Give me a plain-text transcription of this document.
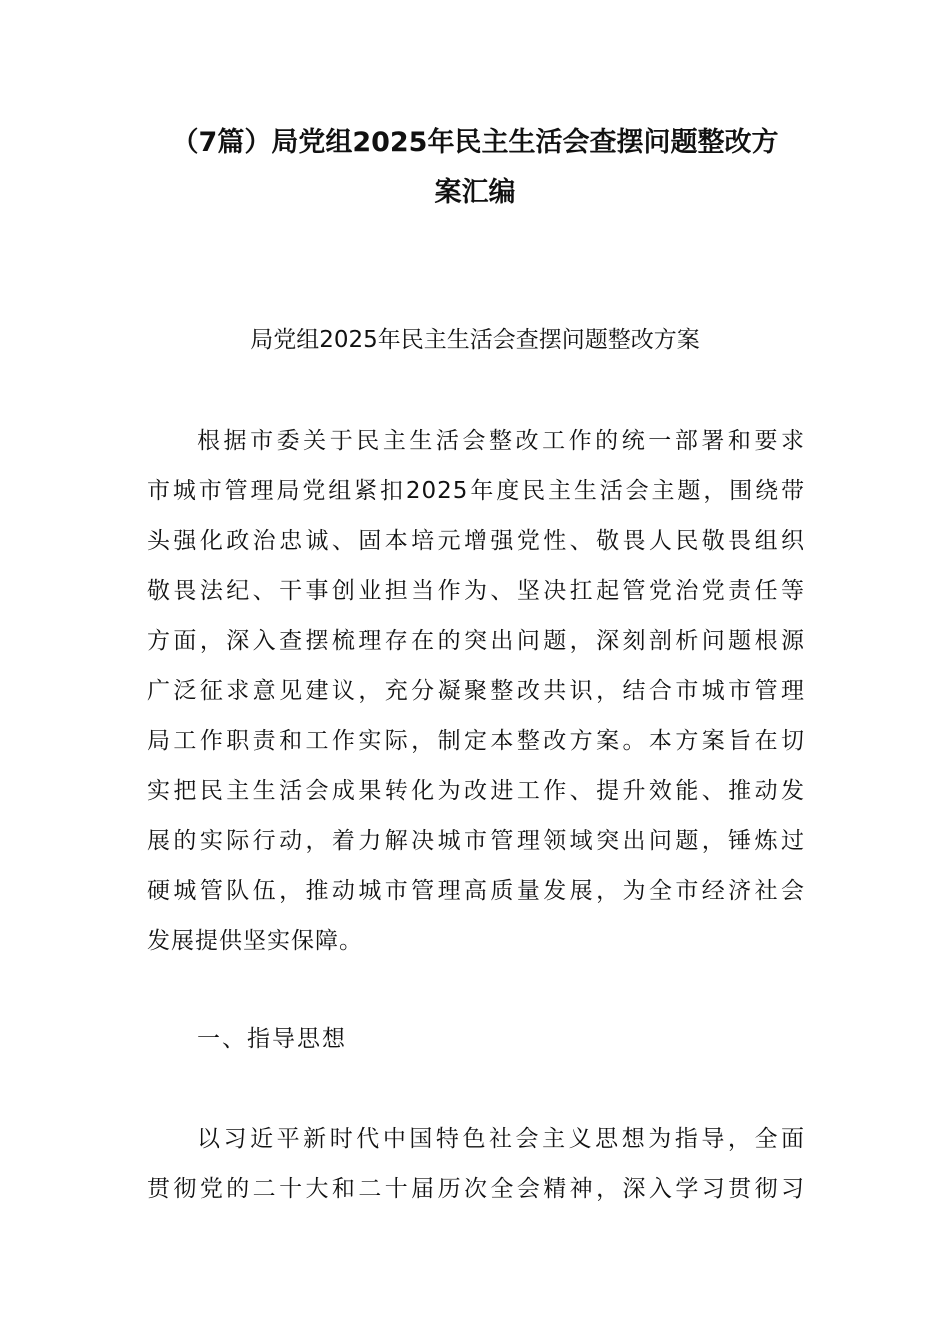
（7篇）局党组2025年民主生活会查摆问题整改方
案汇编
局党组2025年民主生活会查摆问题整改方案
根据市委关于民主生活会整改工作的统一部署和要求
市城市管理局党组紧扣2025年度民主生活会主题，围绕带
头强化政治忠诚、固本培元增强党性、敬畏人民敬畏组织
敬畏法纪、干事创业担当作为、坚决扛起管党治党责任等
方面，深入查摆梳理存在的突出问题，深刻剖析问题根源
广泛征求意见建议，充分凝聚整改共识，结合市城市管理
局工作职责和工作实际，制定本整改方案。本方案旨在切
实把民主生活会成果转化为改进工作、提升效能、推动发
展的实际行动，着力解决城市管理领域突出问题，锤炼过
硬城管队伍，推动城市管理高质量发展，为全市经济社会
发展提供坚实保障。
一、指导思想
以习近平新时代中国特色社会主义思想为指导，全面
贯彻党的二十大和二十届历次全会精神，深入学习贯彻习
